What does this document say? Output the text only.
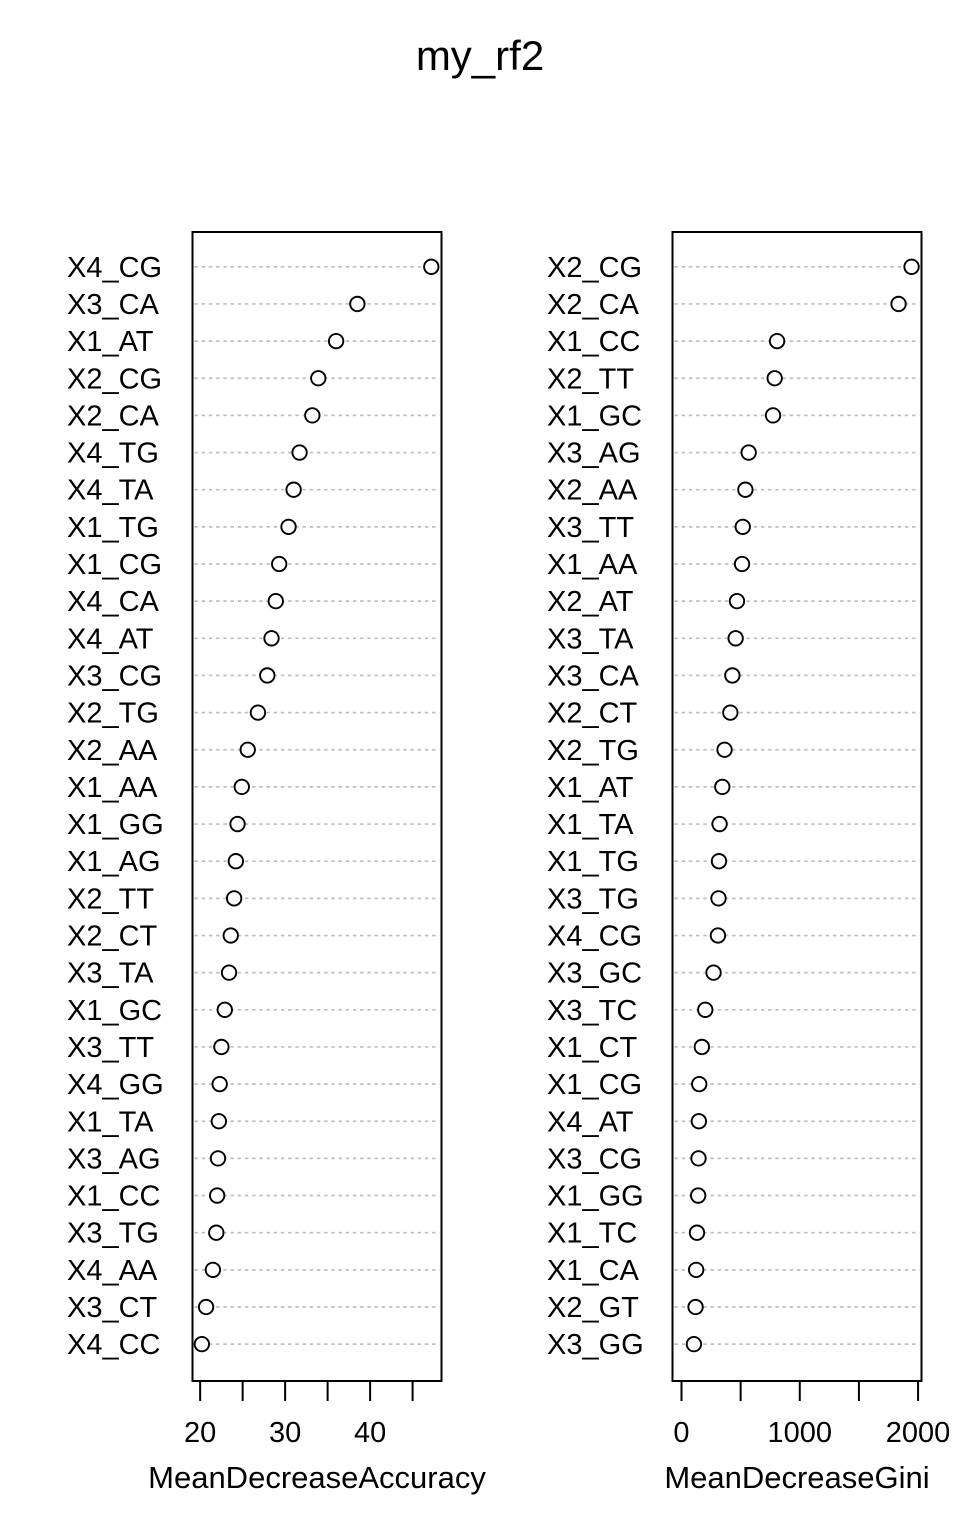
my_rf2
X4_CG
X3_CA
X1_AT
X2_CG
X2_CA
X4_TG
X4_TA
X1_TG
X1_CG
X4_CA
X4_AT
X3_CG
X2_TG
X2_AA
X1_AA
X1_GG
X1_AG
X2_TT
X2_CT
X3_TA
X1_GC
X3_TT
X4_GG
X1_TA
X3_AG
X1_CC
X3_TG
X4_AA
X3_CT
X4_CC
20 30 40
MeanDecreaseAccuracy
X2_CG
X2_CA
X1_CC
X2_TT
X1_GC
X3_AG
X2_AA
X3_TT
X1_AA
X2_AT
X3_TA
X3_CA
X2_CT
X2_TG
X1_AT
X1_TA
X1_TG
X3_TG
X4_CG
X3_GC
X3_TC
X1_CT
X1_CG
X4_AT
X3_CG
X1_GG
X1_TC
X1_CA
X2_GT
X3_GG
0	1000 2000
MeanDecreaseGini
